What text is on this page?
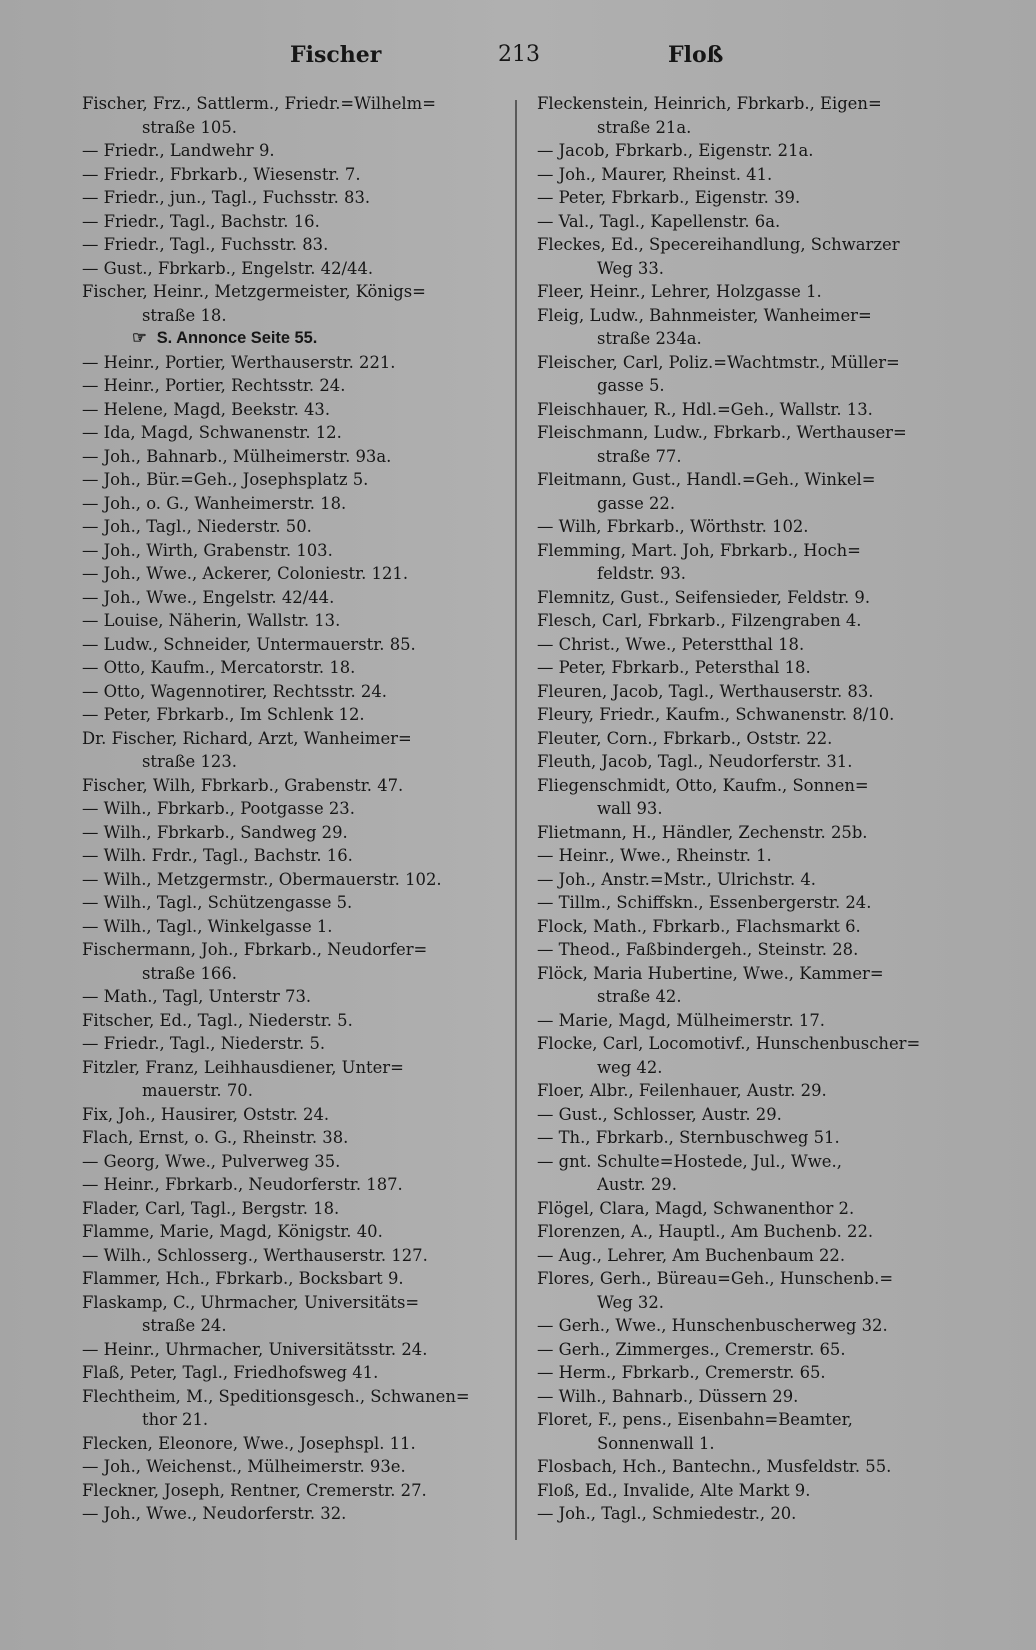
Fischer	213	Floß
Fischer, Frz., Sattlerm., Friedr.=Wilhelm=
straße 105.
— Friedr., Landwehr 9.
— Friedr., Fbrkarb., Wiesenstr. 7.
— Friedr., jun., Tagl., Fuchsstr. 83.
— Friedr., Tagl., Bachstr. 16.
— Friedr., Tagl., Fuchsstr. 83.
— Gust., Fbrkarb., Engelstr. 42/44.
Fischer, Heinr., Metzgermeister, Königs=
straße 18.
☞ S. Annonce Seite 55.
— Heinr., Portier, Werthauserstr. 221.
— Heinr., Portier, Rechtsstr. 24.
— Helene, Magd, Beekstr. 43.
— Ida, Magd, Schwanenstr. 12.
— Joh., Bahnarb., Mülheimerstr. 93a.
— Joh., Bür.=Geh., Josephsplatz 5.
— Joh., o. G., Wanheimerstr. 18.
— Joh., Tagl., Niederstr. 50.
— Joh., Wirth, Grabenstr. 103.
— Joh., Wwe., Ackerer, Coloniestr. 121.
— Joh., Wwe., Engelstr. 42/44.
— Louise, Näherin, Wallstr. 13.
— Ludw., Schneider, Untermauerstr. 85.
— Otto, Kaufm., Mercatorstr. 18.
— Otto, Wagennotirer, Rechtsstr. 24.
— Peter, Fbrkarb., Im Schlenk 12.
Dr. Fischer, Richard, Arzt, Wanheimer=
straße 123.
Fischer, Wilh, Fbrkarb., Grabenstr. 47.
— Wilh., Fbrkarb., Pootgasse 23.
— Wilh., Fbrkarb., Sandweg 29.
— Wilh. Frdr., Tagl., Bachstr. 16.
— Wilh., Metzgermstr., Obermauerstr. 102.
— Wilh., Tagl., Schützengasse 5.
— Wilh., Tagl., Winkelgasse 1.
Fischermann, Joh., Fbrkarb., Neudorfer=
straße 166.
— Math., Tagl, Unterstr 73.
Fitscher, Ed., Tagl., Niederstr. 5.
— Friedr., Tagl., Niederstr. 5.
Fitzler, Franz, Leihhausdiener, Unter=
mauerstr. 70.
Fix, Joh., Hausirer, Oststr. 24.
Flach, Ernst, o. G., Rheinstr. 38.
— Georg, Wwe., Pulverweg 35.
— Heinr., Fbrkarb., Neudorferstr. 187.
Flader, Carl, Tagl., Bergstr. 18.
Flamme, Marie, Magd, Königstr. 40.
— Wilh., Schlosserg., Werthauserstr. 127.
Flammer, Hch., Fbrkarb., Bocksbart 9.
Flaskamp, C., Uhrmacher, Universitäts=
straße 24.
— Heinr., Uhrmacher, Universitätsstr. 24.
Flaß, Peter, Tagl., Friedhofsweg 41.
Flechtheim, M., Speditionsgesch., Schwanen=
thor 21.
Flecken, Eleonore, Wwe., Josephspl. 11.
— Joh., Weichenst., Mülheimerstr. 93e.
Fleckner, Joseph, Rentner, Cremerstr. 27.
— Joh., Wwe., Neudorferstr. 32.
Fleckenstein, Heinrich, Fbrkarb., Eigen=
straße 21a.
— Jacob, Fbrkarb., Eigenstr. 21a.
— Joh., Maurer, Rheinst. 41.
— Peter, Fbrkarb., Eigenstr. 39.
— Val., Tagl., Kapellenstr. 6a.
Fleckes, Ed., Specereihandlung, Schwarzer
Weg 33.
Fleer, Heinr., Lehrer, Holzgasse 1.
Fleig, Ludw., Bahnmeister, Wanheimer=
straße 234a.
Fleischer, Carl, Poliz.=Wachtmstr., Müller=
gasse 5.
Fleischhauer, R., Hdl.=Geh., Wallstr. 13.
Fleischmann, Ludw., Fbrkarb., Werthauser=
straße 77.
Fleitmann, Gust., Handl.=Geh., Winkel=
gasse 22.
— Wilh, Fbrkarb., Wörthstr. 102.
Flemming, Mart. Joh, Fbrkarb., Hoch=
feldstr. 93.
Flemnitz, Gust., Seifensieder, Feldstr. 9.
Flesch, Carl, Fbrkarb., Filzengraben 4.
— Christ., Wwe., Peterstthal 18.
— Peter, Fbrkarb., Petersthal 18.
Fleuren, Jacob, Tagl., Werthauserstr. 83.
Fleury, Friedr., Kaufm., Schwanenstr. 8/10.
Fleuter, Corn., Fbrkarb., Oststr. 22.
Fleuth, Jacob, Tagl., Neudorferstr. 31.
Fliegenschmidt, Otto, Kaufm., Sonnen=
wall 93.
Flietmann, H., Händler, Zechenstr. 25b.
— Heinr., Wwe., Rheinstr. 1.
— Joh., Anstr.=Mstr., Ulrichstr. 4.
— Tillm., Schiffskn., Essenbergerstr. 24.
Flock, Math., Fbrkarb., Flachsmarkt 6.
— Theod., Faßbindergeh., Steinstr. 28.
Flöck, Maria Hubertine, Wwe., Kammer=
straße 42.
— Marie, Magd, Mülheimerstr. 17.
Flocke, Carl, Locomotivf., Hunschenbuscher=
weg 42.
Floer, Albr., Feilenhauer, Austr. 29.
— Gust., Schlosser, Austr. 29.
— Th., Fbrkarb., Sternbuschweg 51.
— gnt. Schulte=Hostede, Jul., Wwe.,
Austr. 29.
Flögel, Clara, Magd, Schwanenthor 2.
Florenzen, A., Hauptl., Am Buchenb. 22.
— Aug., Lehrer, Am Buchenbaum 22.
Flores, Gerh., Büreau=Geh., Hunschenb.=
Weg 32.
— Gerh., Wwe., Hunschenbuscherweg 32.
— Gerh., Zimmerges., Cremerstr. 65.
— Herm., Fbrkarb., Cremerstr. 65.
— Wilh., Bahnarb., Düssern 29.
Floret, F., pens., Eisenbahn=Beamter,
Sonnenwall 1.
Flosbach, Hch., Bantechn., Musfeldstr. 55.
Floß, Ed., Invalide, Alte Markt 9.
— Joh., Tagl., Schmiedestr., 20.
